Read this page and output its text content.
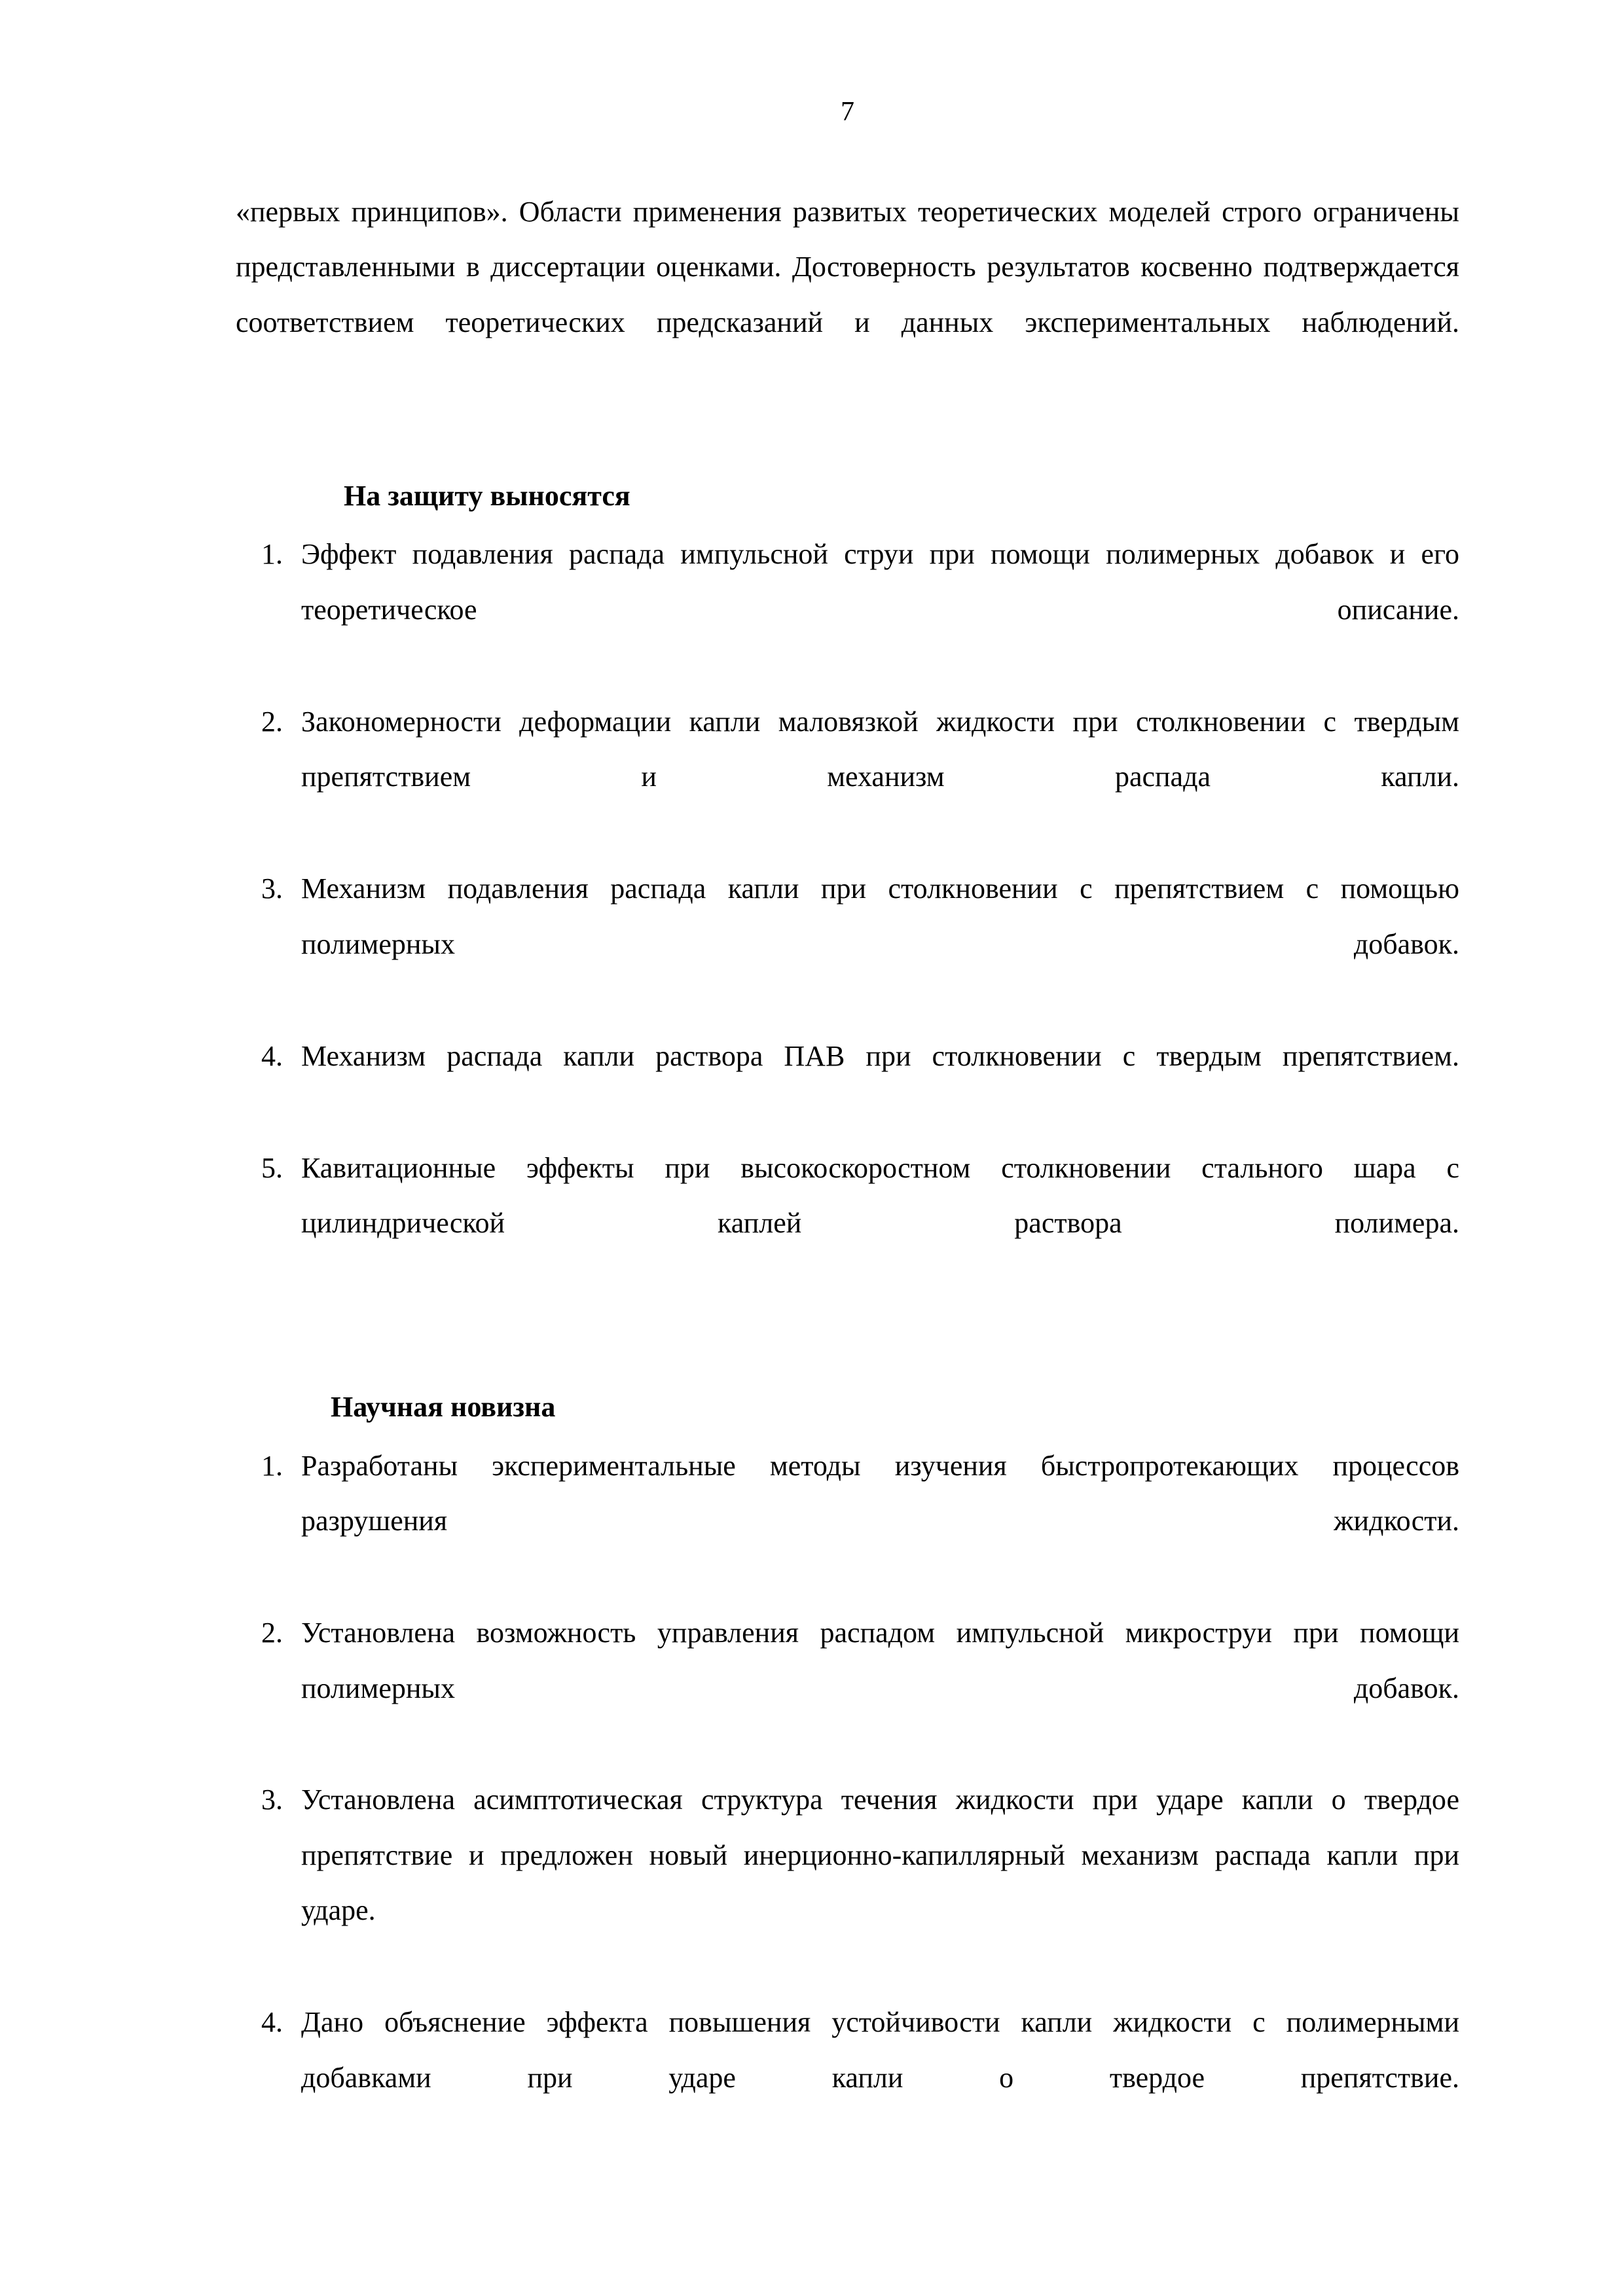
7

«первых принципов». Области применения развитых теоретических моделей строго ограничены представленными в диссертации оценками. Достоверность результатов косвенно подтверждается соответствием теоретических предсказаний и данных экспериментальных наблюдений.

На защиту выносятся
1. Эффект подавления распада импульсной струи при помощи полимерных добавок и его теоретическое описание.
2. Закономерности деформации капли маловязкой жидкости при столкновении с твердым препятствием и механизм распада капли.
3. Механизм подавления распада капли при столкновении с препятствием с помощью полимерных добавок.
4. Механизм распада капли раствора ПАВ при столкновении с твердым препятствием.
5. Кавитационные эффекты при высокоскоростном столкновении стального шара с цилиндрической каплей раствора полимера.
Научная новизна
1. Разработаны экспериментальные методы изучения быстропротекающих процессов разрушения жидкости.
2. Установлена возможность управления распадом импульсной микроструи при помощи полимерных добавок.
3. Установлена асимптотическая структура течения жидкости при ударе капли о твердое препятствие и предложен новый инерционно-капиллярный механизм распада капли при ударе.
4. Дано объяснение эффекта повышения устойчивости капли жидкости с полимерными добавками при ударе капли о твердое препятствие.
